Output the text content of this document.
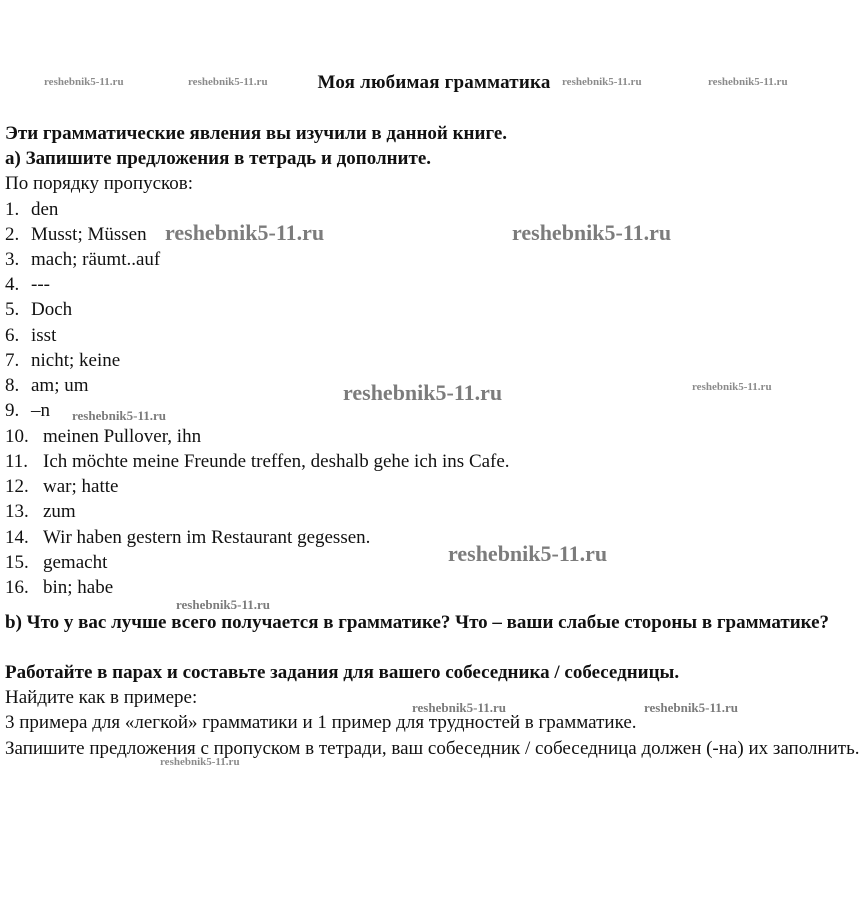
reshebnik5-11.ru	reshebnik5-11.ru	reshebnik5-11.ru	reshebnik5-11.ru
reshebnik5-11.ru	reshebnik5-11.ru
reshebnik5-11.ru	reshebnik5-11.ru
reshebnik5-11.ru
reshebnik5-11.ru
reshebnik5-11.ru
reshebnik5-11.ru	reshebnik5-11.ru
reshebnik5-11.ru
Моя любимая грамматика
Эти грамматические явления вы изучили в данной книге.
a) Запишите предложения в тетрадь и дополните.
По порядку пропусков:
1. den
2. Musst; Müssen
3. mach; räumt..auf
4. ---
5. Doch
6. isst
7. nicht; keine
8. am; um
9. –n
10. meinen Pullover, ihn
11. Ich möchte meine Freunde treffen, deshalb gehe ich ins Cafe.
12. war; hatte
13. zum
14. Wir haben gestern im Restaurant gegessen.
15. gemacht
16. bin; habe
b) Что у вас лучше всего получается в грамматике? Что – ваши слабые стороны в грамматике?
Работайте в парах и составьте задания для вашего собеседника / собеседницы.
Найдите как в примере:
3 примера для «легкой» грамматики и 1 пример для трудностей в грамматике.
Запишите предложения с пропуском в тетради, ваш собеседник / собеседница должен (-на) их заполнить.
